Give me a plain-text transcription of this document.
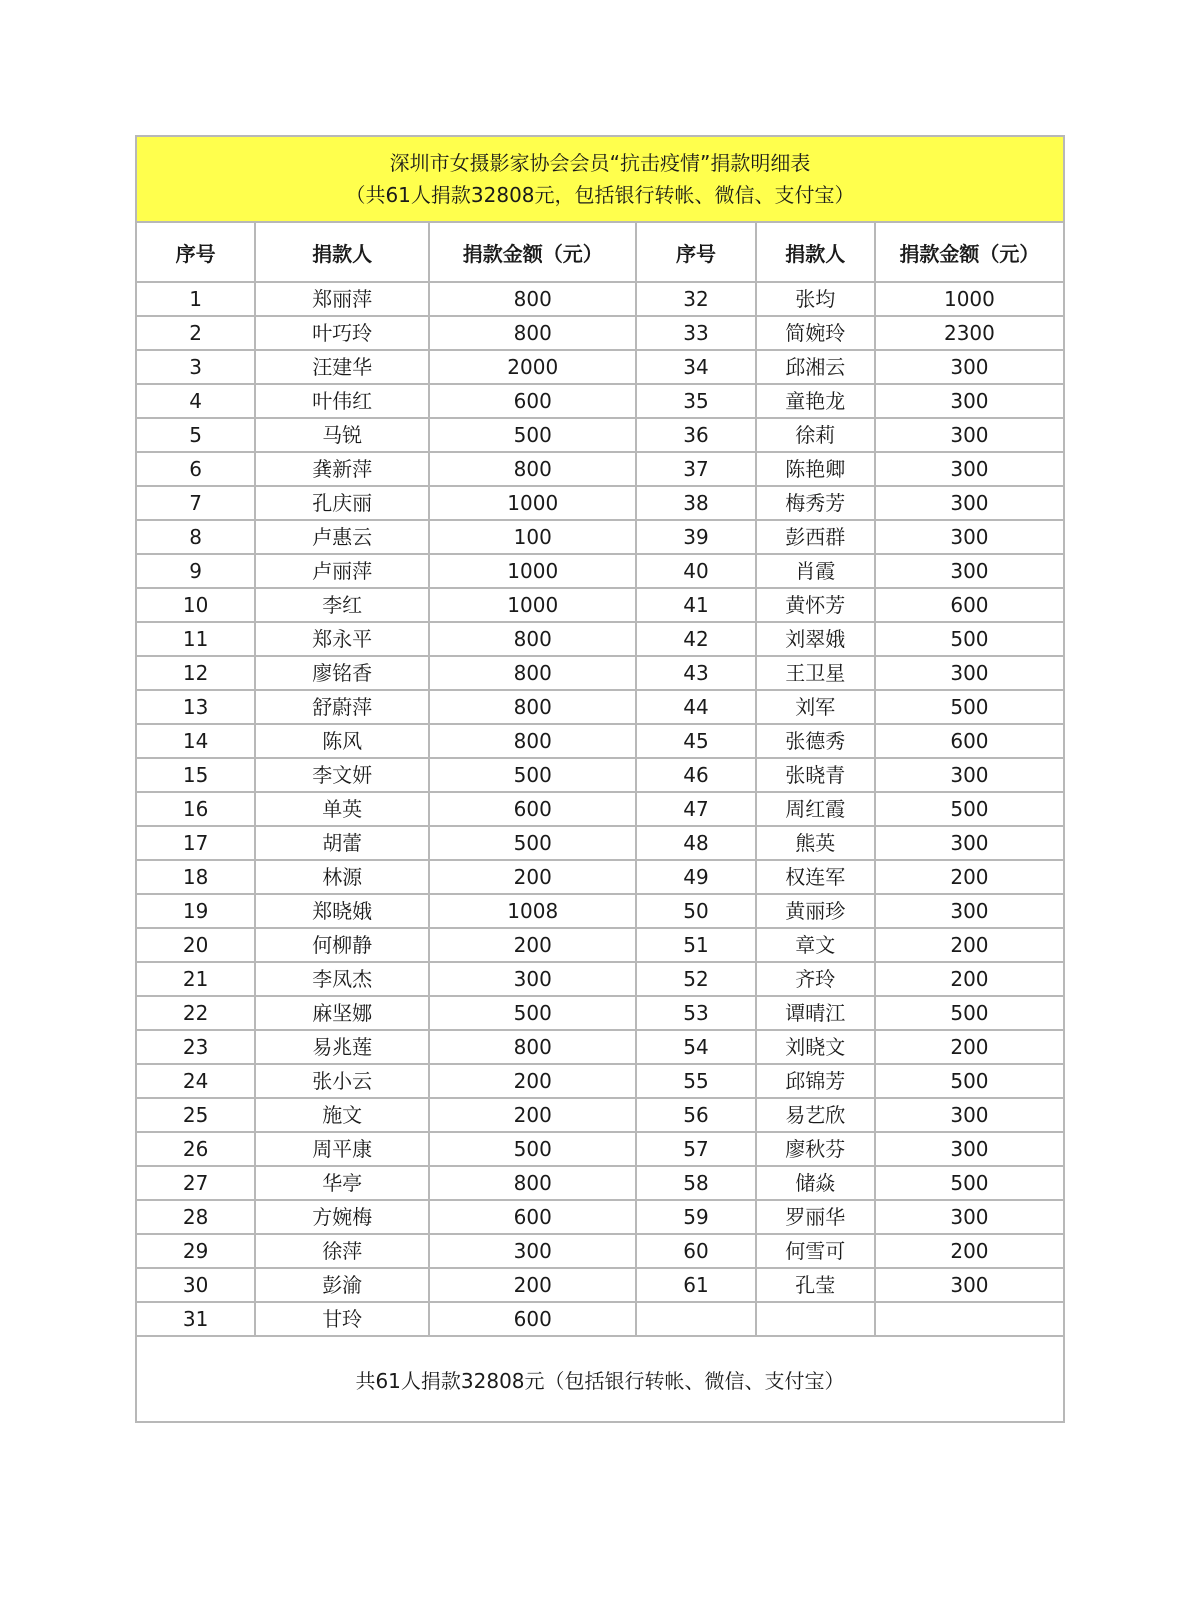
深圳市女摄影家协会会员“抗击疫情”捐款明细表
（共61人捐款32808元，包括银行转帐、微信、支付宝）					

序号	捐款人	捐款金额（元）	序号	捐款人	捐款金额（元）
1	郑丽萍	800	32	张均	1000
2	叶巧玲	800	33	简婉玲	2300
3	汪建华	2000	34	邱湘云	300
4	叶伟红	600	35	童艳龙	300
5	马锐	500	36	徐莉	300
6	龚新萍	800	37	陈艳卿	300
7	孔庆丽	1000	38	梅秀芳	300
8	卢惠云	100	39	彭西群	300
9	卢丽萍	1000	40	肖霞	300
10	李红	1000	41	黄怀芳	600
11	郑永平	800	42	刘翠娥	500
12	廖铭香	800	43	王卫星	300
13	舒蔚萍	800	44	刘军	500
14	陈风	800	45	张德秀	600
15	李文妍	500	46	张晓青	300
16	单英	600	47	周红霞	500
17	胡蕾	500	48	熊英	300
18	林源	200	49	权连军	200
19	郑晓娥	1008	50	黄丽珍	300
20	何柳静	200	51	章文	200
21	李凤杰	300	52	齐玲	200
22	麻坚娜	500	53	谭晴江	500
23	易兆莲	800	54	刘晓文	200
24	张小云	200	55	邱锦芳	500
25	施文	200	56	易艺欣	300
26	周平康	500	57	廖秋芬	300
27	华亭	800	58	储焱	500
28	方婉梅	600	59	罗丽华	300
29	徐萍	300	60	何雪可	200
30	彭渝	200	61	孔莹	300
31	甘玲	600			
共61人捐款32808元（包括银行转帐、微信、支付宝）					
